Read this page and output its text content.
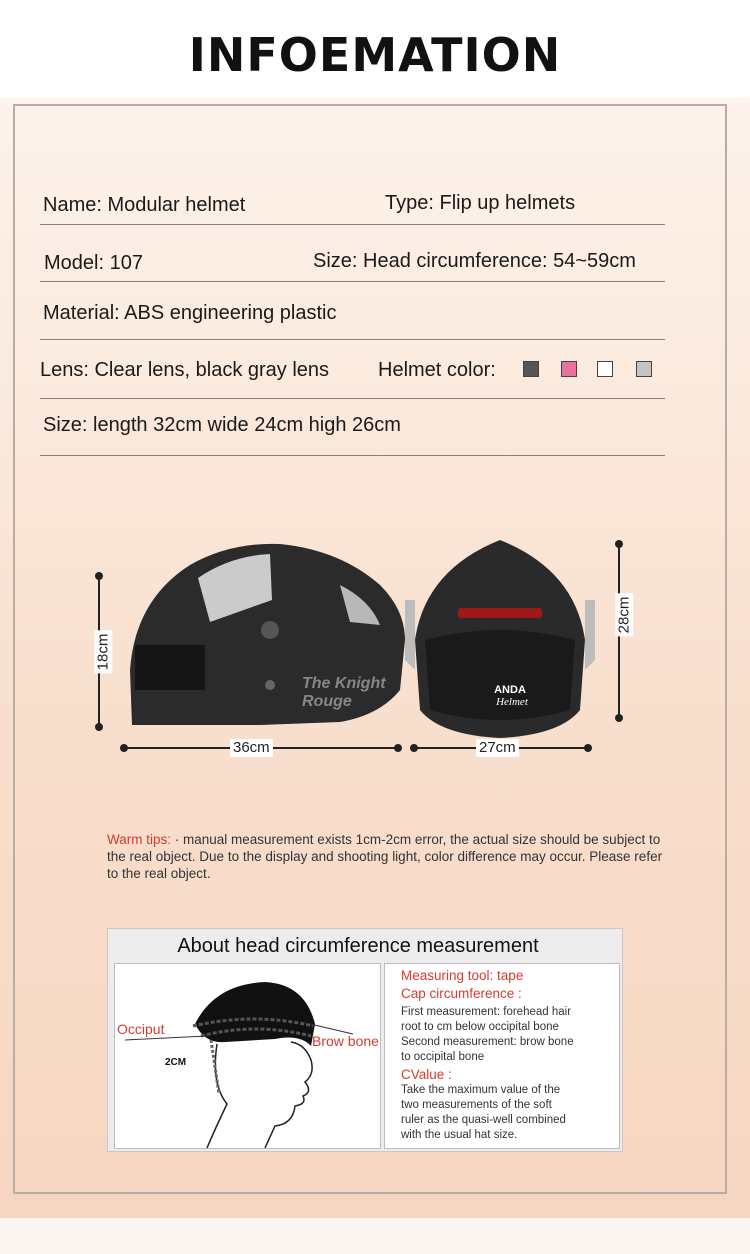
INFOEMATION
Name: Modular helmet	Type: Flip up helmets
Model: 107	Size: Head circumference: 54~59cm
Material: ABS engineering plastic
Lens: Clear lens, black gray lens Helmet color:
Size: length 32cm wide 24cm high 26cm
ANDA
Helmet
The Knight
Rouge
18cm
36cm
28cm
27cm
Warm tips: · manual measurement exists 1cm-2cm error, the actual size should be subject to the real object. Due to the display and shooting light, color difference may occur. Please refer to the real object.
About head circumference measurement
Occiput
Brow bone
2CM
Measuring tool: tape
Cap circumference :
First measurement: forehead hair
root to cm below occipital bone
Second measurement: brow bone
to occipital bone
CValue :
Take the maximum value of the
two measurements of the soft
ruler as the quasi-well combined
with the usual hat size.
